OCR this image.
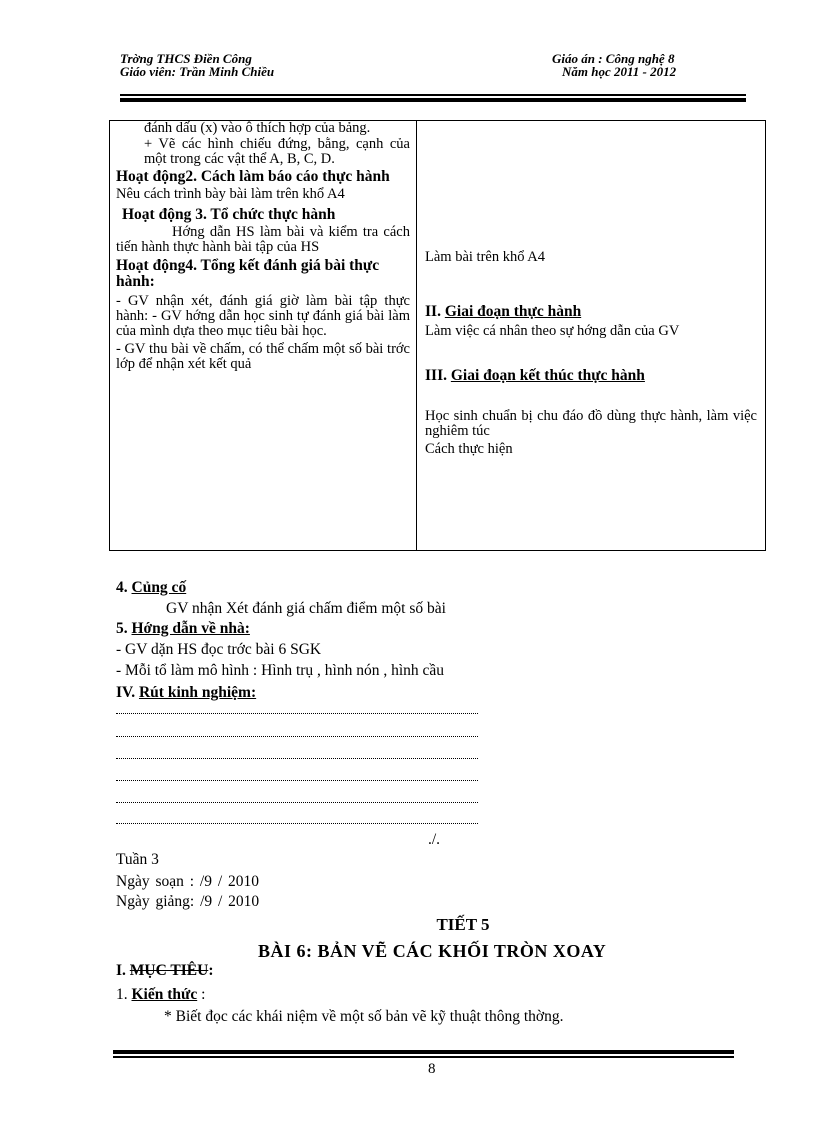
Trờng THCS Điền Công
Giáo viên: Trần Minh Chiều
Giáo án : Công nghệ 8
Năm học 2011 - 2012
đánh dấu (x) vào ô thích hợp của bảng.
+ Vẽ các hình chiếu đứng, bằng, cạnh của một trong các vật thể A, B, C, D.
Hoạt động2. Cách làm báo cáo thực hành
Nêu cách trình bày bài làm trên khổ A4
Hoạt động 3. Tổ chức thực hành
Hớng dẫn HS làm bài và kiểm tra cách tiến hành thực hành bài tập của HS
Hoạt động4. Tổng kết đánh giá bài thực hành:
- GV nhận xét, đánh giá giờ làm bài tập thực hành: - GV hớng dẫn học sinh tự đánh giá bài làm của mình dựa theo mục tiêu bài học.
- GV thu bài về chấm, có thể chấm một số bài trớc lớp để nhận xét kết quả

Làm bài trên khổ A4
II. Giai đoạn thực hành
Làm việc cá nhân theo sự hớng dẫn của GV
III. Giai đoạn kết thúc thực hành
Học sinh chuẩn bị chu đáo đồ dùng thực hành, làm việc nghiêm túc
Cách thực hiện
4. Củng cố
GV nhận Xét đánh giá chấm điểm một số bài
5. Hớng dẫn về nhà:
- GV dặn HS đọc trớc bài 6 SGK
- Mỗi tổ làm mô hình : Hình trụ , hình nón , hình cầu
IV. Rút kinh nghiệm:
./.
Tuần 3
Ngày soạn : /9 / 2010
Ngày giảng: /9 / 2010
TIẾT 5
BÀI 6: BẢN VẼ CÁC KHỐI TRÒN XOAY
I. MỤC TIÊU:
1. Kiến thức :
* Biết đọc các khái niệm về một số bản vẽ kỹ thuật thông thờng.
8
